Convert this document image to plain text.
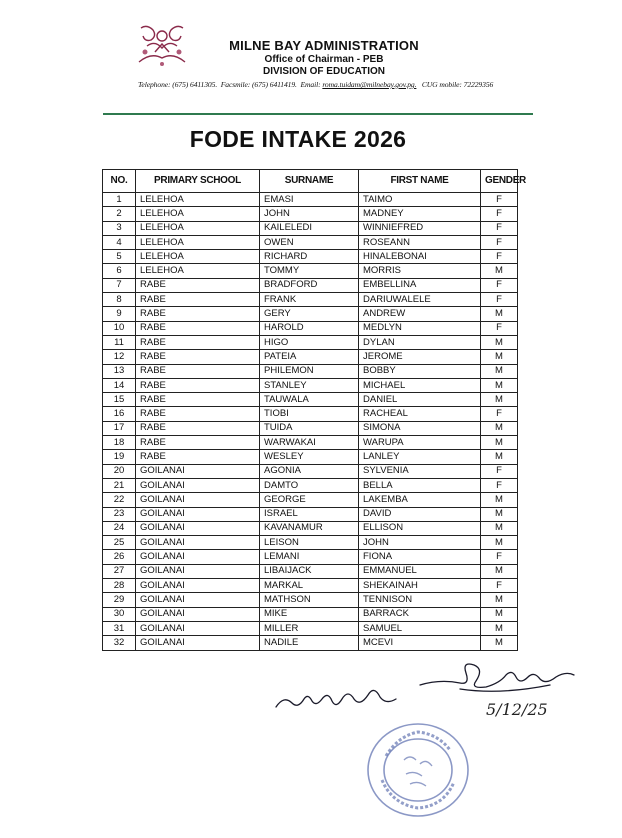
MILNE BAY ADMINISTRATION
Office of Chairman - PEB
DIVISION OF EDUCATION
Telephone: (675) 6411305. Facsmile: (675) 6411419. Email: roma.tuidam@milnebay.gov.pg. CUG mobile: 72229356
FODE INTAKE 2026
NO.	PRIMARY SCHOOL	SURNAME	FIRST NAME	GENDER
1	LELEHOA	EMASI	TAIMO	F
2	LELEHOA	JOHN	MADNEY	F
3	LELEHOA	KAILELEDI	WINNIEFRED	F
4	LELEHOA	OWEN	ROSEANN	F
5	LELEHOA	RICHARD	HINALEBONAI	F
6	LELEHOA	TOMMY	MORRIS	M
7	RABE	BRADFORD	EMBELLINA	F
8	RABE	FRANK	DARIUWALELE	F
9	RABE	GERY	ANDREW	M
10	RABE	HAROLD	MEDLYN	F
11	RABE	HIGO	DYLAN	M
12	RABE	PATEIA	JEROME	M
13	RABE	PHILEMON	BOBBY	M
14	RABE	STANLEY	MICHAEL	M
15	RABE	TAUWALA	DANIEL	M
16	RABE	TIOBI	RACHEAL	F
17	RABE	TUIDA	SIMONA	M
18	RABE	WARWAKAI	WARUPA	M
19	RABE	WESLEY	LANLEY	M
20	GOILANAI	AGONIA	SYLVENIA	F
21	GOILANAI	DAMTO	BELLA	F
22	GOILANAI	GEORGE	LAKEMBA	M
23	GOILANAI	ISRAEL	DAVID	M
24	GOILANAI	KAVANAMUR	ELLISON	M
25	GOILANAI	LEISON	JOHN	M
26	GOILANAI	LEMANI	FIONA	F
27	GOILANAI	LIBAIJACK	EMMANUEL	M
28	GOILANAI	MARKAL	SHEKAINAH	F
29	GOILANAI	MATHSON	TENNISON	M
30	GOILANAI	MIKE	BARRACK	M
31	GOILANAI	MILLER	SAMUEL	M
32	GOILANAI	NADILE	MCEVI	M
5/12/25
